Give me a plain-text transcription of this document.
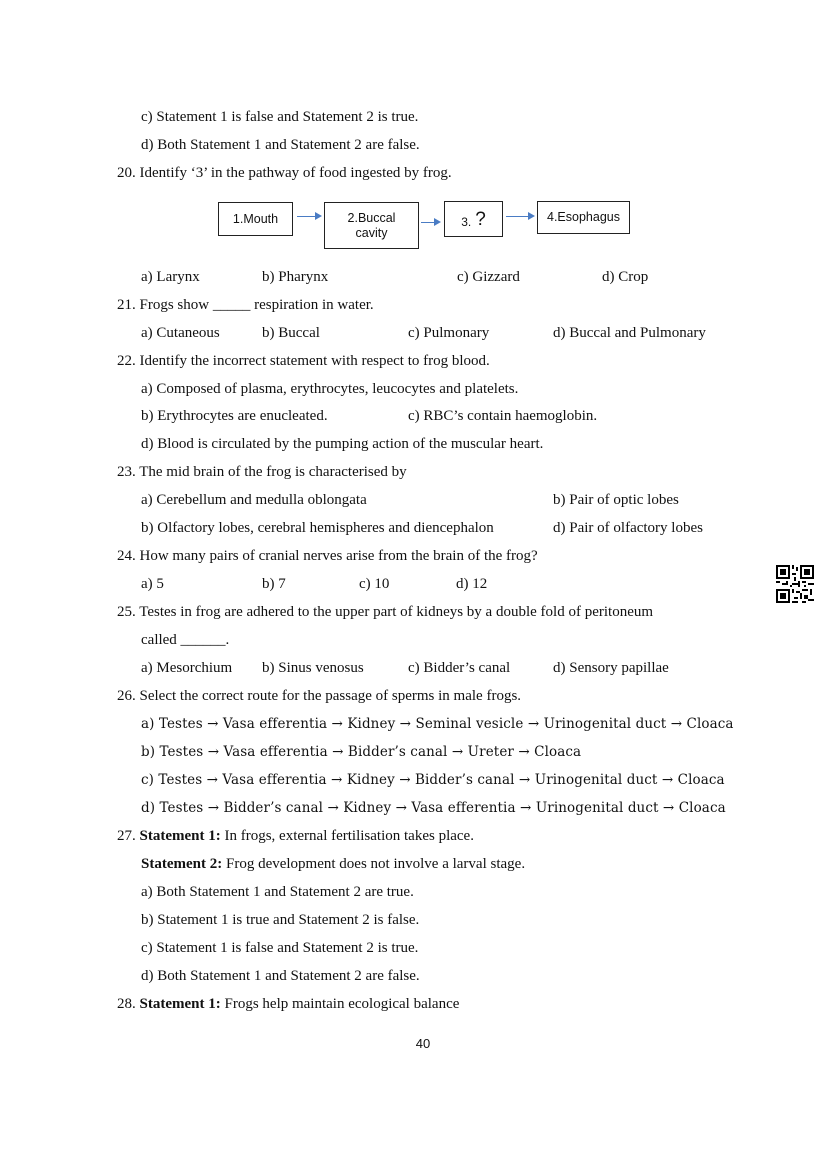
c) Statement 1 is false and Statement 2 is true.
d) Both Statement 1 and Statement 2 are false.
20. Identify ‘3’ in the pathway of food ingested by frog.
1.Mouth	2.Buccal
cavity
3. ?	4.Esophagus
a) Larynx	b) Pharynx	c) Gizzard	d) Crop
21. Frogs show _____ respiration in water.
a) Cutaneous	b) Buccal	c) Pulmonary	d) Buccal and Pulmonary
22. Identify the incorrect statement with respect to frog blood.
a) Composed of plasma, erythrocytes, leucocytes and platelets.
b) Erythrocytes are enucleated.	c) RBC’s contain haemoglobin.
d) Blood is circulated by the pumping action of the muscular heart.
23. The mid brain of the frog is characterised by
a) Cerebellum and medulla oblongata	b) Pair of optic lobes
b) Olfactory lobes, cerebral hemispheres and diencephalon	d) Pair of olfactory lobes
24. How many pairs of cranial nerves arise from the brain of the frog?
a) 5	b) 7	c) 10	d) 12
25. Testes in frog are adhered to the upper part of kidneys by a double fold of peritoneum
called ______.
a) Mesorchium b) Sinus venosus	c) Bidder’s canal	d) Sensory papillae
26. Select the correct route for the passage of sperms in male frogs.
a) Testes → Vasa efferentia → Kidney → Seminal vesicle → Urinogenital duct → Cloaca
b) Testes → Vasa efferentia → Bidder’s canal → Ureter → Cloaca
c) Testes → Vasa efferentia → Kidney → Bidder’s canal → Urinogenital duct → Cloaca
d) Testes → Bidder’s canal → Kidney → Vasa efferentia → Urinogenital duct → Cloaca
27. Statement 1: In frogs, external fertilisation takes place.
Statement 2: Frog development does not involve a larval stage.
a) Both Statement 1 and Statement 2 are true.
b) Statement 1 is true and Statement 2 is false.
c) Statement 1 is false and Statement 2 is true.
d) Both Statement 1 and Statement 2 are false.
28. Statement 1: Frogs help maintain ecological balance
40
